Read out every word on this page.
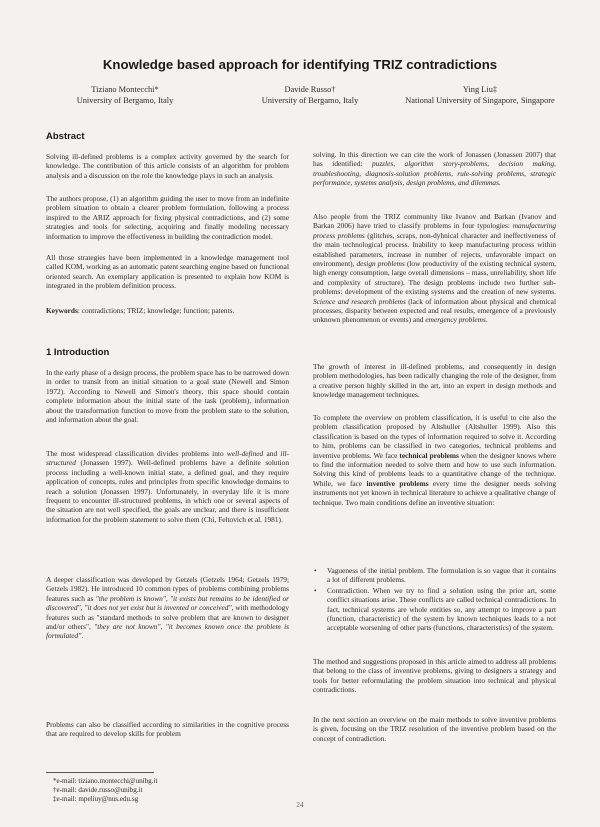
Knowledge based approach for identifying TRIZ contradictions
Tiziano Montecchi*
University of Bergamo, Italy
Davide Russo†
University of Bergamo, Italy
Ying Liu‡
National University of Singapore, Singapore
Abstract

Solving ill-defined problems is a complex activity governed by the search for knowledge. The contribution of this article consists of an algorithm for problem analysis and a discussion on the role the knowledge plays in such an analysis.

The authors propose, (1) an algorithm guiding the user to move from an indefinite problem situation to obtain a clearer problem formulation, following a process inspired to the ARIZ approach for fixing physical contradictions, and (2) some strategies and tools for selecting, acquiring and finally modeling necessary information to improve the effectiveness in building the contradiction model.

All those strategies have been implemented in a knowledge management tool called KOM, working as an automatic patent searching engine based on functional oriented search. An exemplary application is presented to explain how KOM is integrated in the problem definition process.

Keywords: contradictions; TRIZ; knowledge; function; patents.

1 Introduction

In the early phase of a design process, the problem space has to be narrowed down in order to transit from an initial situation to a goal state (Newell and Simon 1972). According to Newell and Simon's theory, this space should contain complete information about the initial state of the task (problem), information about the transformation function to move from the problem state to the solution, and information about the goal.

The most widespread classification divides problems into well-defined and ill-structured (Jonassen 1997). Well-defined problems have a definite solution process including a well-known initial state, a defined goal, and they require application of concepts, rules and principles from specific knowledge domains to reach a solution (Jonassen 1997). Unfortunately, in everyday life it is more frequent to encounter ill-structured problems, in which one or several aspects of the situation are not well specified, the goals are unclear, and there is insufficient information for the problem statement to solve them (Chi, Feltovich et al. 1981).

A deeper classification was developed by Getzels (Getzels 1964; Getzels 1979; Getzels 1982). He introduced 10 common types of problems combining problems features such as "the problem is known", "it exists but remains to be identified or discovered", "it does not yet exist but is invented or conceived", with methodology features such as "standard methods to solve problem that are known to designer and/or others", "they are not known", "it becomes known once the problem is formulated".

Problems can also be classified according to similarities in the cognitive process that are required to develop skills for problem

*e-mail: tiziano.montecchi@unibg.it
†e-mail: davide.russo@unibg.it
‡e-mail: mpeliuy@nus.edu.sg

solving. In this direction we can cite the work of Jonassen (Jonassen 2007) that has identified: puzzles, algorithm story-problems, decision making, troubleshooting, diagnosis-solution problems, rule-solving problems, strategic performance, systems analysis, design problems, and dilemmas.

Also people from the TRIZ community like Ivanov and Barkan (Ivanov and Barkan 2006) have tried to classify problems in four typologies: manufacturing process problems (glitches, scraps, non-dyhnical character and ineffectiveness of the main technological process. Inability to keep manufacturing process within established parameters, increase in number of rejects, unfavorable impact on environment), design problems (low productivity of the existing technical system, high energy consumption, large overall dimensions – mass, unreliability, short life and complexity of structure). The design problems include two further sub-problems: development of the existing systems and the creation of new systems. Science and research problems (lack of information about physical and chemical processes, disparity between expected and real results, emergence of a previously unknown phenomenon or events) and emergency problems.

The growth of interest in ill-defined problems, and consequently in design problem methodologies, has been radically changing the role of the designer, from a creative person highly skilled in the art, into an expert in design methods and knowledge management techniques.

To complete the overview on problem classification, it is useful to cite also the problem classification proposed by Altshuller (Altshuller 1999). Also this classification is based on the types of information required to solve it. According to him, problems can be classified in two categories, technical problems and inventive problems. We face technical problems when the designer knows where to find the information needed to solve them and how to use such information. Solving this kind of problems leads to a quantitative change of the technique. While, we face inventive problems every time the designer needs solving instruments not yet known in technical literature to achieve a qualitative change of technique. Two main conditions define an inventive situation:

• Vagueness of the initial problem. The formulation is so vague that it contains a lot of different problems.
• Contradiction. When we try to find a solution using the prior art, some conflict situations arise. These conflicts are called technical contradictions. In fact, technical systems are whole entities so, any attempt to improve a part (function, characteristic) of the system by known techniques leads to a not acceptable worsening of other parts (functions, characteristics) of the system.

The method and suggestions proposed in this article aimed to address all problems that belong to the class of inventive problems, giving to designers a strategy and tools for better reformulating the problem situation into technical and physical contradictions.

In the next section an overview on the main methods to solve inventive problems is given, focusing on the TRIZ resolution of the inventive problem based on the concept of contradiction.

24
